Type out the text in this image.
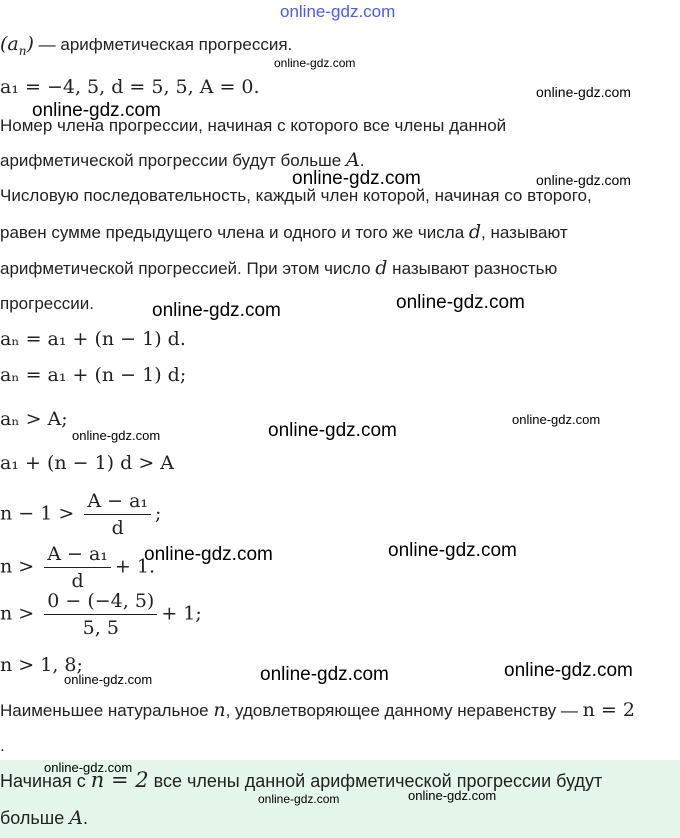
online-gdz.com
$(a_n)$ — арифметическая прогрессия.
a₁ = −4, 5, d = 5, 5, A = 0.
Номер члена прогрессии, начиная с которого все члены данной
арифметической прогрессии будут больше A.
Числовую последовательность, каждый член которой, начиная со второго,
равен сумме предыдущего члена и одного и того же числа d, называют
арифметической прогрессией. При этом число d называют разностью
прогрессии.
aₙ = a₁ + (n − 1) d.
aₙ = a₁ + (n − 1) d;
aₙ > A;
a₁ + (n − 1) d > A
$n - 1 > \frac{\text{A − a₁}}{d}$ ;
$n > \frac{\text{A − a₁}}{d} + 1$.
$n > \frac{0 - (-4, 5)}{5, 5} + 1$;
n > 1, 8;
Наименьшее натуральное n, удовлетворяющее данному неравенству — n = 2
.
Начиная с n = 2 все члены данной арифметической прогрессии будут
больше A.
online-gdz.com
online-gdz.com
online-gdz.com
online-gdz.com	online-gdz.com
online-gdz.com
online-gdz.com
online-gdz.com
online-gdz.com
online-gdz.com
online-gdz.com
online-gdz.com
online-gdz.com
online-gdz.com
online-gdz.com
online-gdz.com
online-gdz.com
online-gdz.com
